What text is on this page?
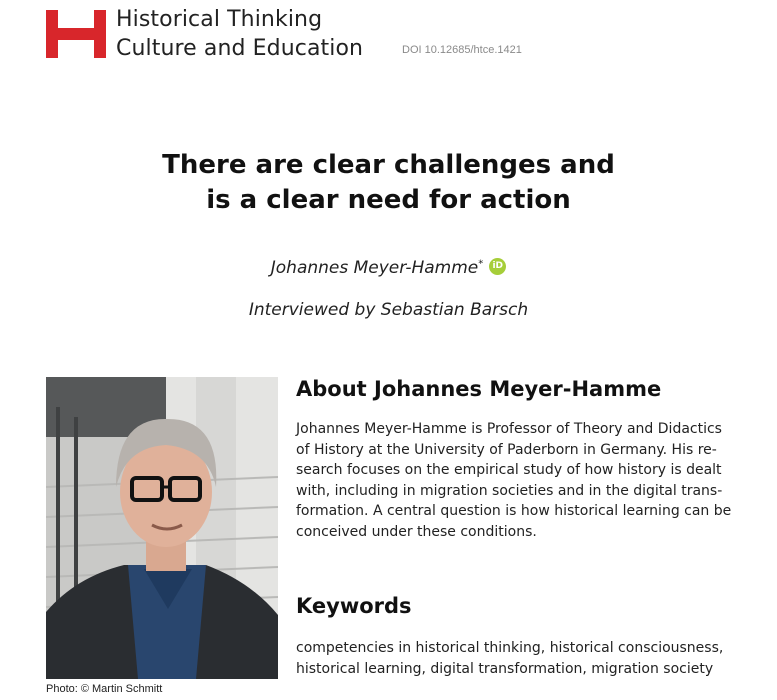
Historical Thinking
Culture and Education	DOI 10.12685/htce.1421
There are clear challenges and
is a clear need for action
Johannes Meyer-Hamme* iD
Interviewed by Sebastian Barsch
Photo: © Martin Schmitt
About Johannes Meyer-Hamme
Johannes Meyer-Hamme is Professor of Theory and Didactics
of History at the University of Paderborn in Germany. His re-
search focuses on the empirical study of how history is dealt
with, including in migration societies and in the digital trans-
formation. A central question is how historical learning can be
conceived under these conditions.
Keywords
competencies in historical thinking, historical consciousness,
historical learning, digital transformation, migration society
